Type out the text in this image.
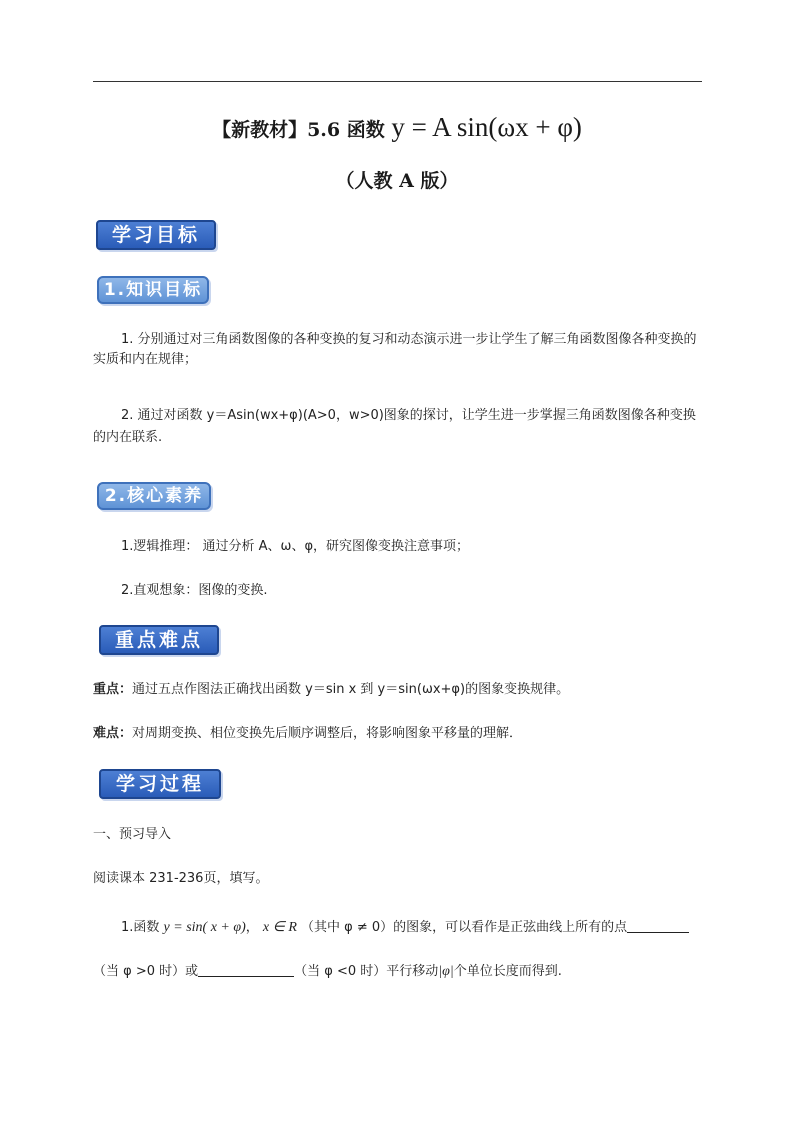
【新教材】5.6 函数 y = A sin(ωx + φ)
（人教 A 版）
学习目标
1.知识目标
1. 分别通过对三角函数图像的各种变换的复习和动态演示进一步让学生了解三角函数图像各种变换的实质和内在规律；
2. 通过对函数 y＝Asin(wx+φ)(A>0，w>0)图象的探讨，让学生进一步掌握三角函数图像各种变换的内在联系.
2.核心素养
1.逻辑推理： 通过分析 A、ω、φ，研究图像变换注意事项；
2.直观想象：图像的变换.
重点难点
重点：通过五点作图法正确找出函数 y＝sin x 到 y＝sin(ωx+φ)的图象变换规律。
难点：对周期变换、相位变换先后顺序调整后，将影响图象平移量的理解．
学习过程
一、预习导入
阅读课本 231-236页，填写。
1.函数 y = sin( x + φ)， x ∈ R （其中 φ ≠ 0）的图象，可以看作是正弦曲线上所有的点
（当 φ >0 时）或	（当 φ <0 时）平行移动|φ|个单位长度而得到.
